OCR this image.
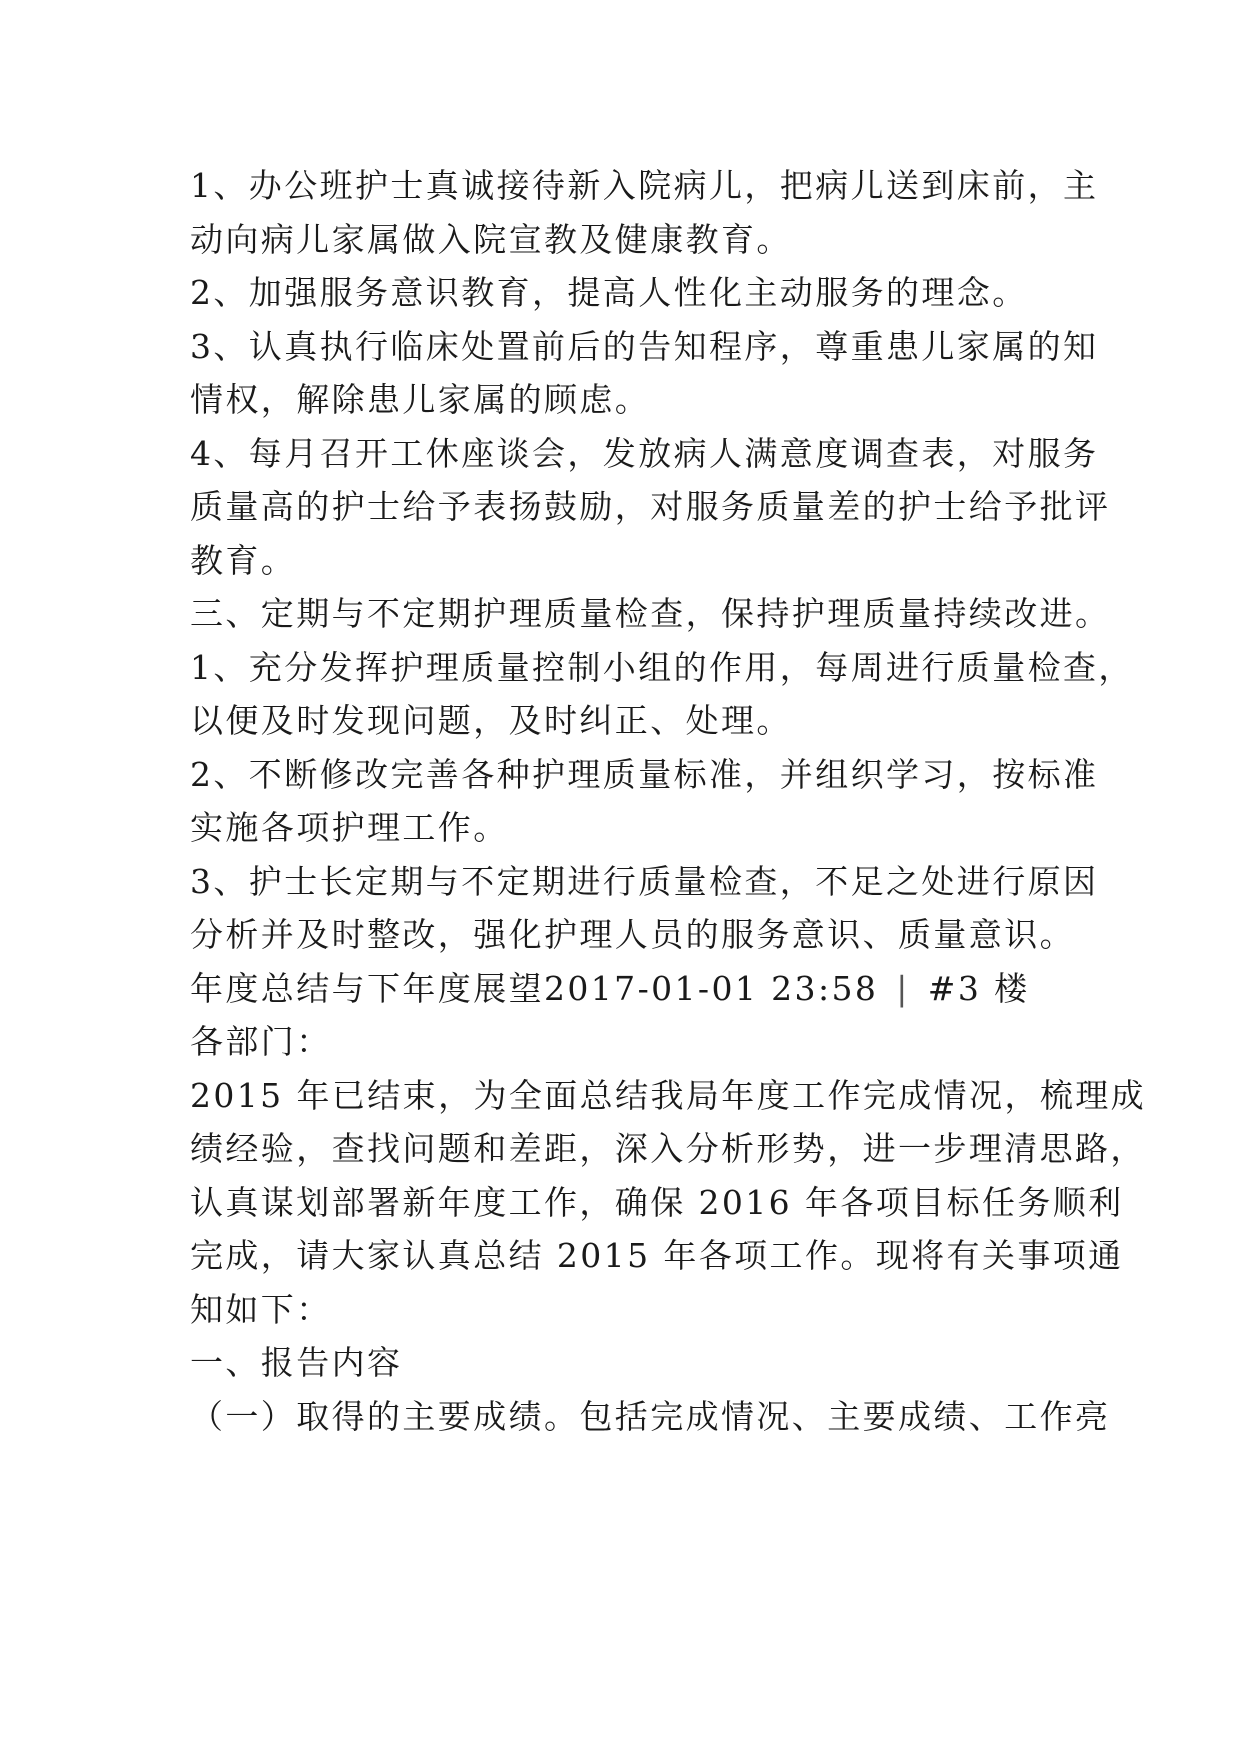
1、办公班护士真诚接待新入院病儿，把病儿送到床前，主
动向病儿家属做入院宣教及健康教育。
2、加强服务意识教育，提高人性化主动服务的理念。
3、认真执行临床处置前后的告知程序，尊重患儿家属的知
情权，解除患儿家属的顾虑。
4、每月召开工休座谈会，发放病人满意度调查表，对服务
质量高的护士给予表扬鼓励，对服务质量差的护士给予批评
教育。
三、定期与不定期护理质量检查，保持护理质量持续改进。
1、充分发挥护理质量控制小组的作用，每周进行质量检查，
以便及时发现问题，及时纠正、处理。
2、不断修改完善各种护理质量标准，并组织学习，按标准
实施各项护理工作。
3、护士长定期与不定期进行质量检查，不足之处进行原因
分析并及时整改，强化护理人员的服务意识、质量意识。
年度总结与下年度展望2017-01-01 23:58 | #3 楼
各部门：
2015 年已结束，为全面总结我局年度工作完成情况，梳理成
绩经验，查找问题和差距，深入分析形势，进一步理清思路，
认真谋划部署新年度工作，确保 2016 年各项目标任务顺利
完成，请大家认真总结 2015 年各项工作。现将有关事项通
知如下：
一、报告内容
（一）取得的主要成绩。包括完成情况、主要成绩、工作亮
